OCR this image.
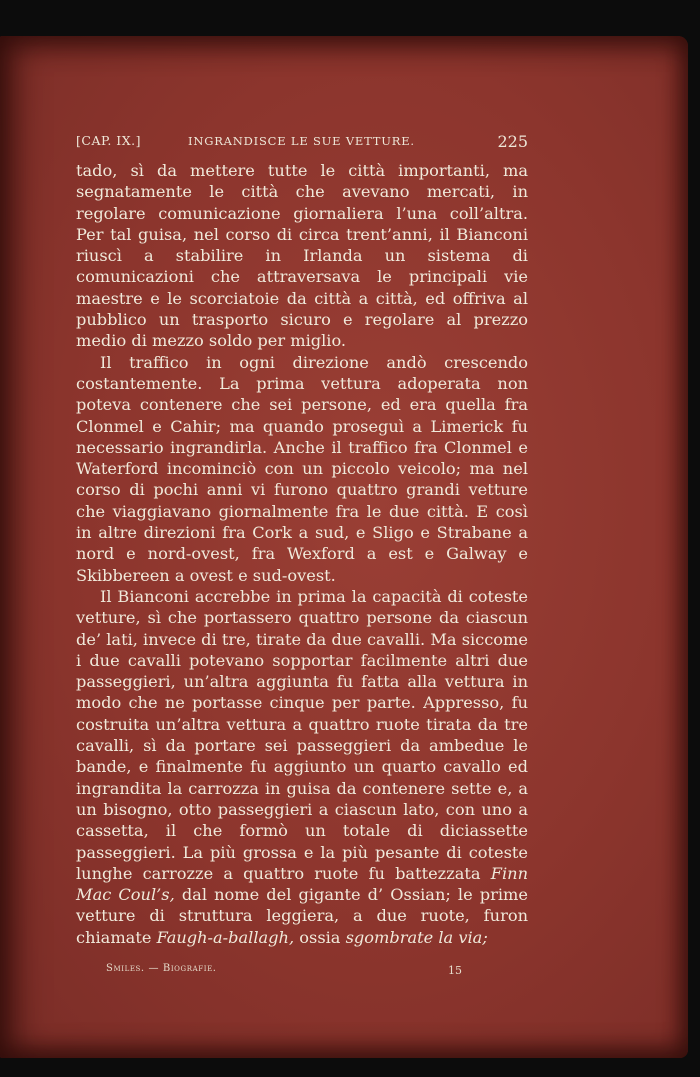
[CAP. IX.]	INGRANDISCE LE SUE VETTURE.	225

tado, sì da mettere tutte le città importanti, ma segnatamente le città che avevano mercati, in regolare comunicazione giornaliera l’una coll’altra. Per tal guisa, nel corso di circa trent’anni, il Bianconi riuscì a stabilire in Irlanda un sistema di comunicazioni che attraversava le principali vie maestre e le scorciatoie da città a città, ed offriva al pubblico un trasporto sicuro e regolare al prezzo medio di mezzo soldo per miglio.

Il traffico in ogni direzione andò crescendo costantemente. La prima vettura adoperata non poteva contenere che sei persone, ed era quella fra Clonmel e Cahir; ma quando proseguì a Limerick fu necessario ingrandirla. Anche il traffico fra Clonmel e Waterford incominciò con un piccolo veicolo; ma nel corso di pochi anni vi furono quattro grandi vetture che viaggiavano giornalmente fra le due città. E così in altre direzioni fra Cork a sud, e Sligo e Strabane a nord e nord-ovest, fra Wexford a est e Galway e Skibbereen a ovest e sud-ovest.

Il Bianconi accrebbe in prima la capacità di coteste vetture, sì che portassero quattro persone da ciascun de’ lati, invece di tre, tirate da due cavalli. Ma siccome i due cavalli potevano sopportar facilmente altri due passeggieri, un’altra aggiunta fu fatta alla vettura in modo che ne portasse cinque per parte. Appresso, fu costruita un’altra vettura a quattro ruote tirata da tre cavalli, sì da portare sei passeggieri da ambedue le bande, e finalmente fu aggiunto un quarto cavallo ed ingrandita la carrozza in guisa da contenere sette e, a un bisogno, otto passeggieri a ciascun lato, con uno a cassetta, il che formò un totale di diciassette passeggieri. La più grossa e la più pesante di coteste lunghe carrozze a quattro ruote fu battezzata Finn Mac Coul’s, dal nome del gigante d’ Ossian; le prime vetture di struttura leggiera, a due ruote, furon chiamate Faugh-a-ballagh, ossia sgombrate la via;

Smiles. — Biografie.	15
